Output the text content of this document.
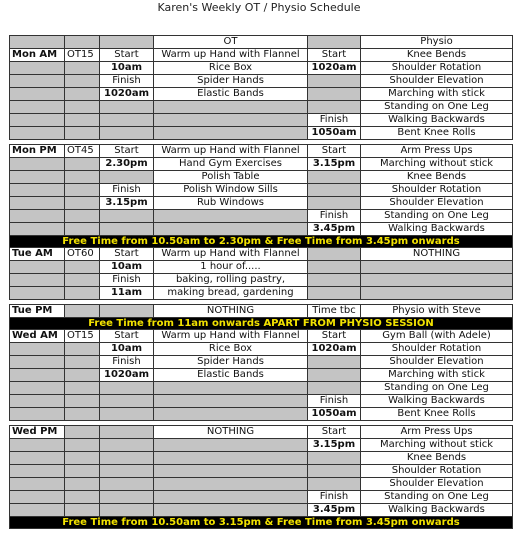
Karen's Weekly OT / Physio Schedule
			OT		Physio
Mon AM	OT15	Start	Warm up Hand with Flannel	Start	Knee Bends
		10am	Rice Box	1020am	Shoulder Rotation
		Finish	Spider Hands		Shoulder Elevation
		1020am	Elastic Bands		Marching with stick
					Standing on One Leg
				Finish	Walking Backwards
				1050am	Bent Knee Rolls

Mon PM	OT45	Start	Warm up Hand with Flannel	Start	Arm Press Ups
		2.30pm	Hand Gym Exercises	3.15pm	Marching without stick
			Polish Table		Knee Bends
		Finish	Polish Window Sills		Shoulder Rotation
		3.15pm	Rub Windows		Shoulder Elevation
				Finish	Standing on One Leg
				3.45pm	Walking Backwards
Free Time from 10.50am to 2.30pm & Free Time from 3.45pm onwards					
Tue AM	OT60	Start	Warm up Hand with Flannel		NOTHING
		10am	1 hour of.....		
		Finish	baking, rolling pastry,		
		11am	making bread, gardening		

Tue PM			NOTHING	Time tbc	Physio with Steve
Free Time from 11am onwards APART FROM PHYSIO SESSION					
Wed AM	OT15	Start	Warm up Hand with Flannel	Start	Gym Ball (with Adele)
		10am	Rice Box	1020am	Shoulder Rotation
		Finish	Spider Hands		Shoulder Elevation
		1020am	Elastic Bands		Marching with stick
					Standing on One Leg
				Finish	Walking Backwards
				1050am	Bent Knee Rolls

Wed PM			NOTHING	Start	Arm Press Ups
				3.15pm	Marching without stick
					Knee Bends
					Shoulder Rotation
					Shoulder Elevation
				Finish	Standing on One Leg
				3.45pm	Walking Backwards
Free Time from 10.50am to 3.15pm & Free Time from 3.45pm onwards					
